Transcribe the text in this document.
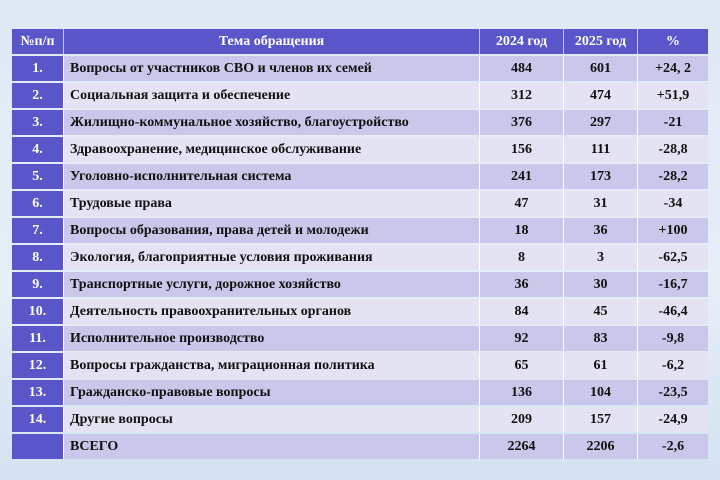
№п/п	Тема обращения	2024 год	2025 год	%
1.	Вопросы от участников СВО и членов их семей	484	601	+24, 2
2.	Социальная защита и обеспечение	312	474	+51,9
3.	Жилищно-коммунальное хозяйство, благоустройство	376	297	-21
4.	Здравоохранение, медицинское обслуживание	156	111	-28,8
5.	Уголовно-исполнительная система	241	173	-28,2
6.	Трудовые права	47	31	-34
7.	Вопросы образования, права детей и молодежи	18	36	+100
8.	Экология, благоприятные условия проживания	8	3	-62,5
9.	Транспортные услуги, дорожное хозяйство	36	30	-16,7
10.	Деятельность правоохранительных органов	84	45	-46,4
11.	Исполнительное производство	92	83	-9,8
12.	Вопросы гражданства, миграционная политика	65	61	-6,2
13.	Гражданско-правовые вопросы	136	104	-23,5
14.	Другие вопросы	209	157	-24,9
	ВСЕГО	2264	2206	-2,6
